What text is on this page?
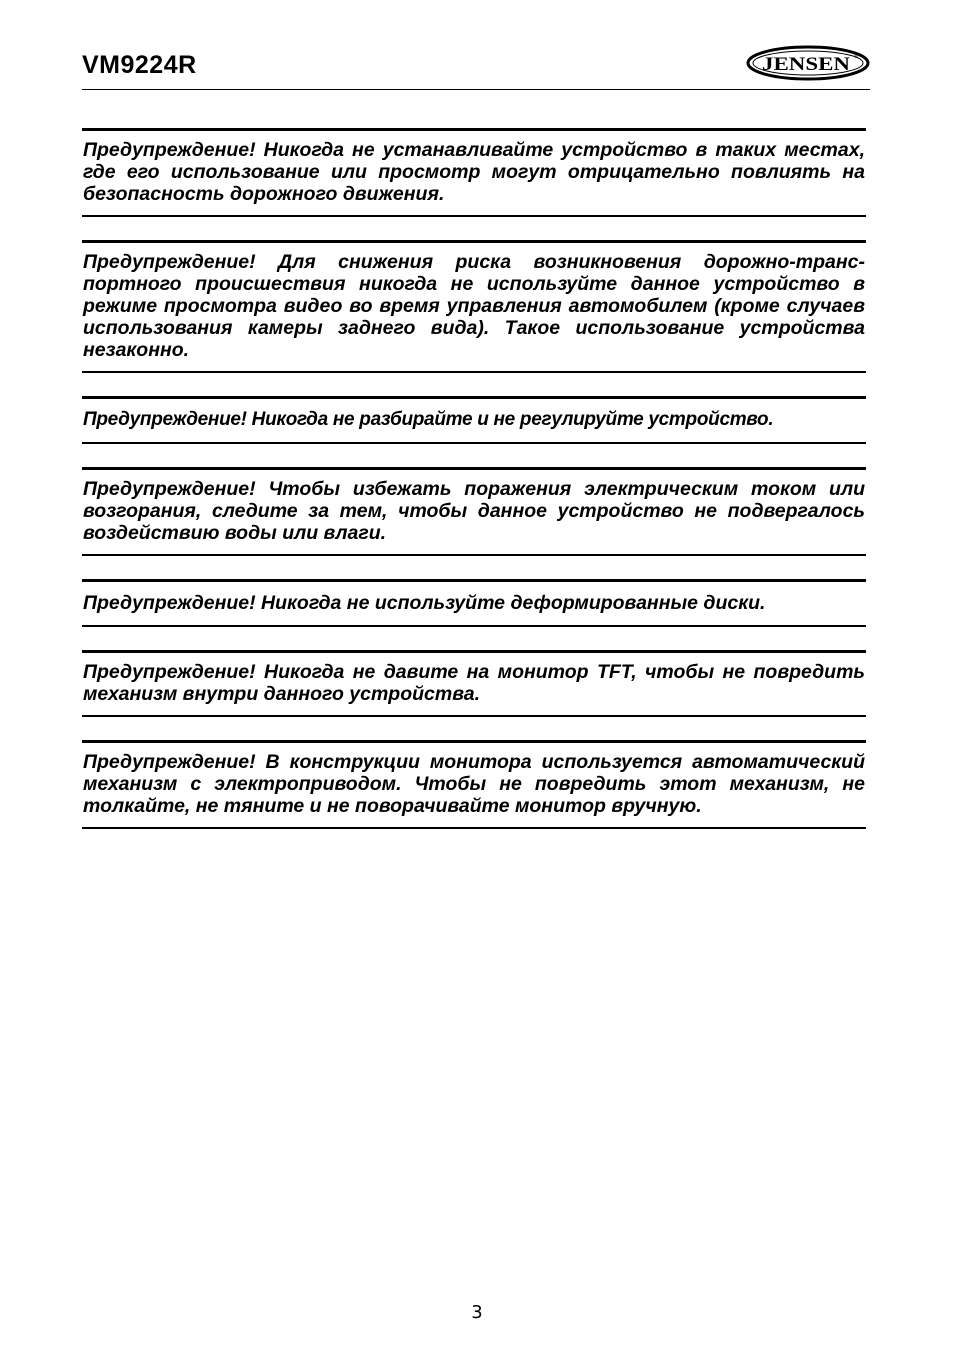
VM9224R	JENSEN ®
Предупреждение! Никогда не устанавливайте устройство в таких местах, где его использование или просмотр могут отрицательно повлиять на безопасность дорожного движения.
Предупреждение! Для снижения риска возникновения дорожно-транспортного происшествия никогда не используйте данное устройство в режиме просмотра видео во время управления автомобилем (кроме случаев использования камеры заднего вида). Такое использование устройства незаконно.
Предупреждение! Никогда не разбирайте и не регулируйте устройство.
Предупреждение! Чтобы избежать поражения электрическим током или возгорания, следите за тем, чтобы данное устройство не подвергалось воздействию воды или влаги.
Предупреждение! Никогда не используйте деформированные диски.
Предупреждение! Никогда не давите на монитор TFT, чтобы не повредить механизм внутри данного устройства.
Предупреждение! В конструкции монитора используется автоматический механизм с электроприводом. Чтобы не повредить этот механизм, не толкайте, не тяните и не поворачивайте монитор вручную.
3
